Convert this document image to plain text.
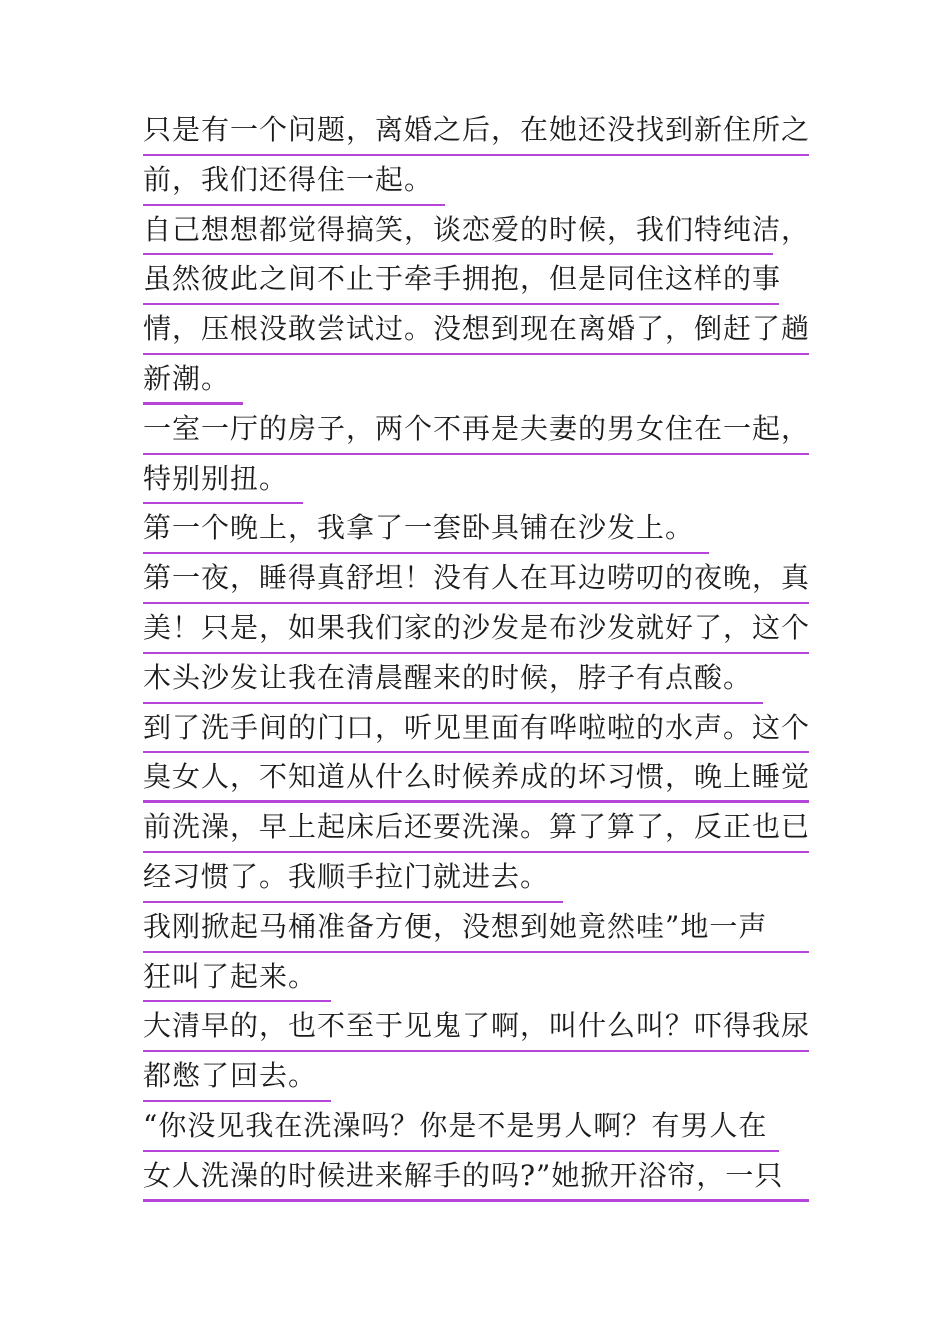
只是有一个问题，离婚之后，在她还没找到新住所之
前，我们还得住一起。
自己想想都觉得搞笑，谈恋爱的时候，我们特纯洁，
虽然彼此之间不止于牵手拥抱，但是同住这样的事
情，压根没敢尝试过。没想到现在离婚了，倒赶了趟
新潮。
一室一厅的房子，两个不再是夫妻的男女住在一起，
特别别扭。
第一个晚上，我拿了一套卧具铺在沙发上。
第一夜，睡得真舒坦！没有人在耳边唠叨的夜晚，真
美！只是，如果我们家的沙发是布沙发就好了，这个
木头沙发让我在清晨醒来的时候，脖子有点酸。
到了洗手间的门口，听见里面有哗啦啦的水声。这个
臭女人，不知道从什么时候养成的坏习惯，晚上睡觉
前洗澡，早上起床后还要洗澡。算了算了，反正也已
经习惯了。我顺手拉门就进去。
我刚掀起马桶准备方便，没想到她竟然哇”地一声
狂叫了起来。
大清早的，也不至于见鬼了啊，叫什么叫？吓得我尿
都憋了回去。
“你没见我在洗澡吗？你是不是男人啊？有男人在
女人洗澡的时候进来解手的吗?”她掀开浴帘，一只
